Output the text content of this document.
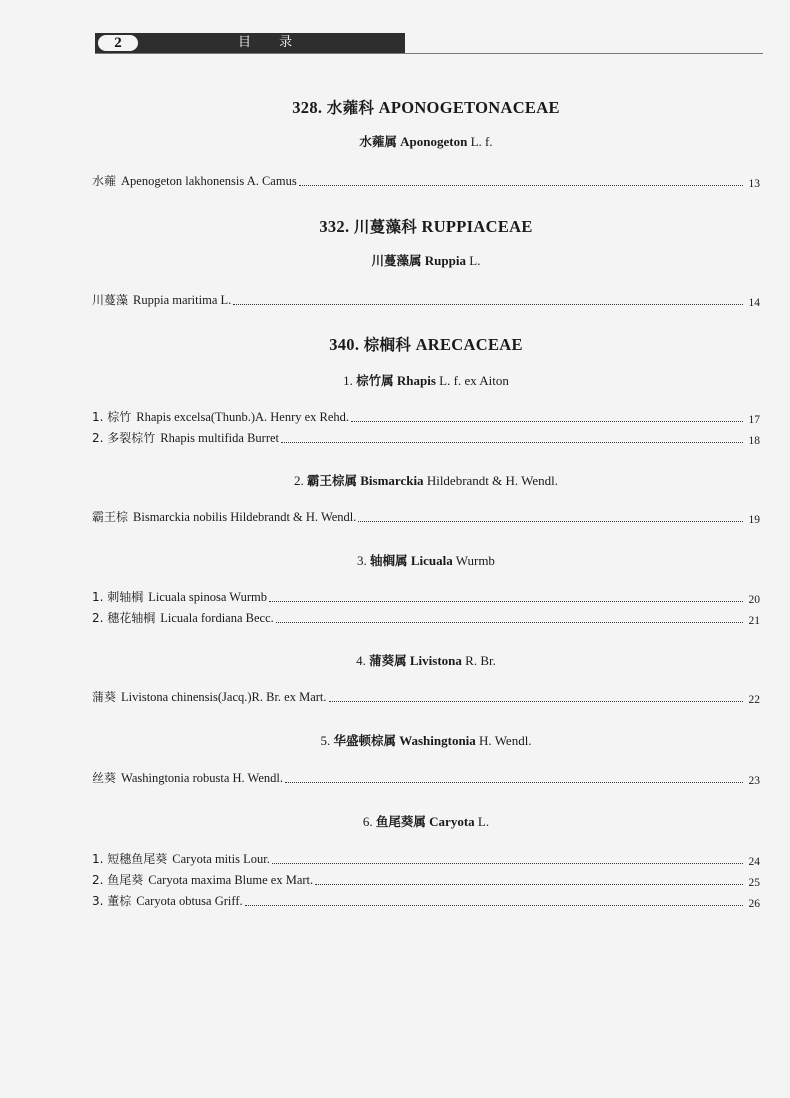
2	目 录

328. 水蕹科 APONOGETONACEAE

水蕹属 Aponogeton L. f.

水蕹 Apenogeton lakhonensis A. Camus	13

332. 川蔓藻科 RUPPIACEAE

川蔓藻属 Ruppia L.

川蔓藻 Ruppia maritima L.	14

340. 棕榈科 ARECACEAE

1. 棕竹属 Rhapis L. f. ex Aiton

1. 棕竹 Rhapis excelsa(Thunb.)A. Henry ex Rehd.	17
2. 多裂棕竹 Rhapis multifida Burret	18

2. 霸王棕属 Bismarckia Hildebrandt & H. Wendl.

霸王棕 Bismarckia nobilis Hildebrandt & H. Wendl.	19

3. 轴榈属 Licuala Wurmb

1. 刺轴榈 Licuala spinosa Wurmb	20
2. 穗花轴榈 Licuala fordiana Becc.	21

4. 蒲葵属 Livistona R. Br.

蒲葵 Livistona chinensis(Jacq.)R. Br. ex Mart.	22

5. 华盛顿棕属 Washingtonia H. Wendl.

丝葵 Washingtonia robusta H. Wendl.	23

6. 鱼尾葵属 Caryota L.

1. 短穗鱼尾葵 Caryota mitis Lour.	24
2. 鱼尾葵 Caryota maxima Blume ex Mart.	25
3. 董棕 Caryota obtusa Griff.	26
